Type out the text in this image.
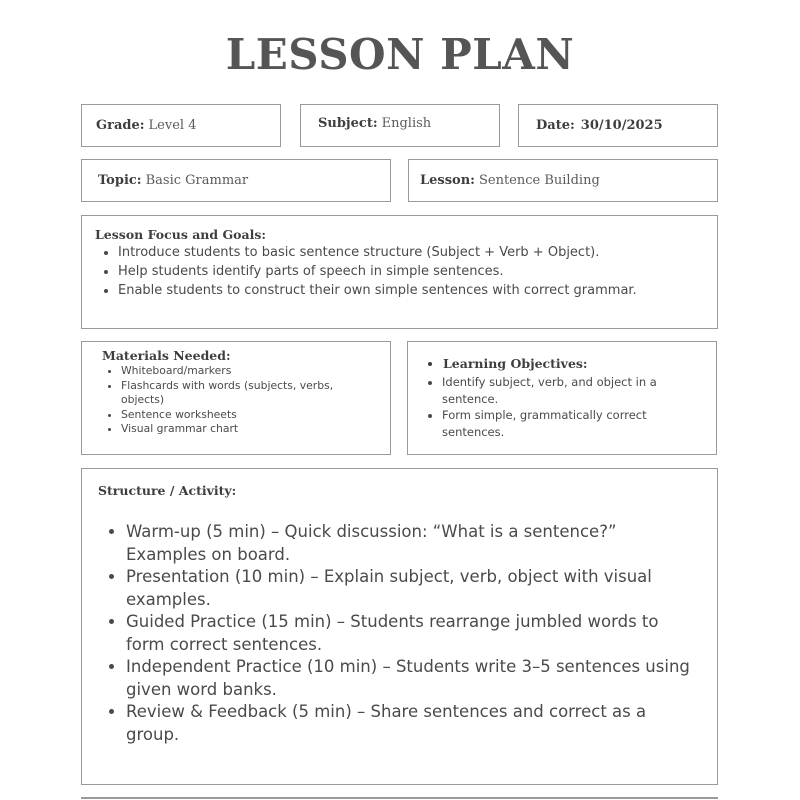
LESSON PLAN
Grade: Level 4	Subject: English	Date: 30/10/2025
Topic: Basic Grammar	Lesson: Sentence Building
Lesson Focus and Goals:
• Introduce students to basic sentence structure (Subject + Verb + Object).
• Help students identify parts of speech in simple sentences.
• Enable students to construct their own simple sentences with correct grammar.
Materials Needed:
• Whiteboard/markers
• Flashcards with words (subjects, verbs, objects)
• Sentence worksheets
• Visual grammar chart
• Learning Objectives:
• Identify subject, verb, and object in a sentence.
• Form simple, grammatically correct sentences.
Structure / Activity:
• Warm-up (5 min) – Quick discussion: “What is a sentence?” Examples on board.
• Presentation (10 min) – Explain subject, verb, object with visual examples.
• Guided Practice (15 min) – Students rearrange jumbled words to form correct sentences.
• Independent Practice (10 min) – Students write 3–5 sentences using given word banks.
• Review & Feedback (5 min) – Share sentences and correct as a group.
